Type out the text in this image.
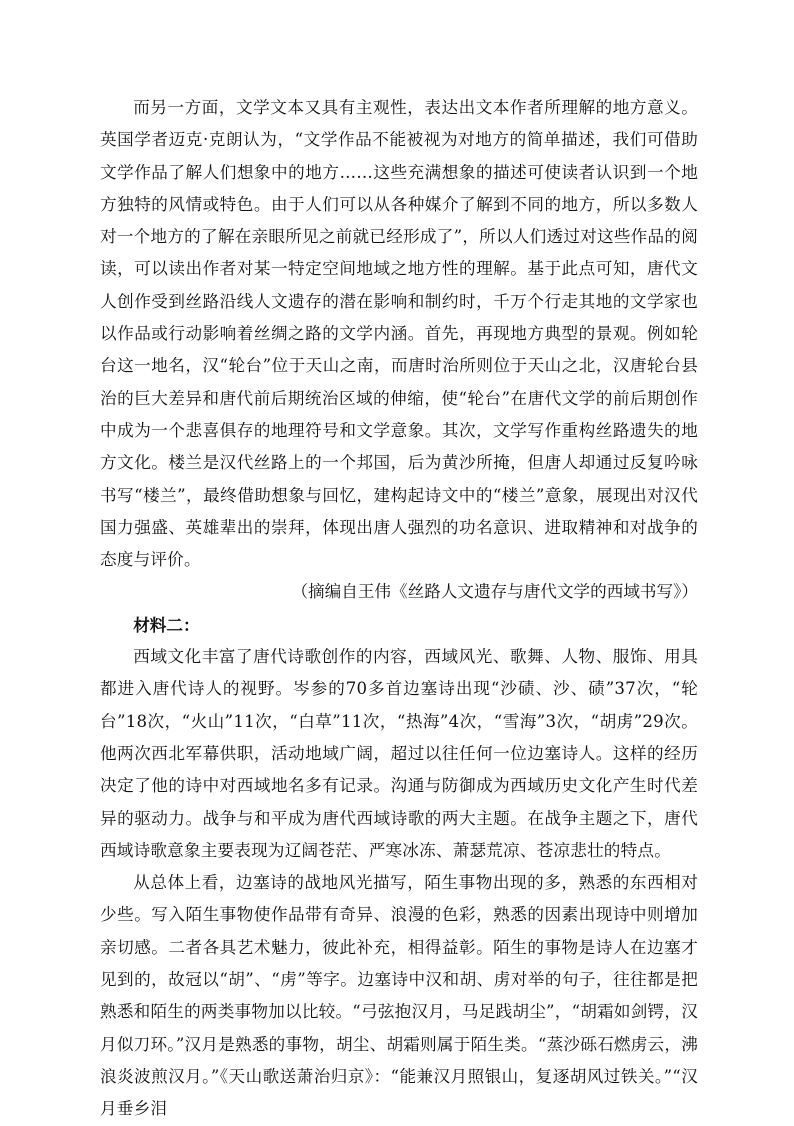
而另一方面，文学文本又具有主观性，表达出文本作者所理解的地方意义。英国学者迈克·克朗认为，“文学作品不能被视为对地方的简单描述，我们可借助文学作品了解人们想象中的地方……这些充满想象的描述可使读者认识到一个地方独特的风情或特色。由于人们可以从各种媒介了解到不同的地方，所以多数人对一个地方的了解在亲眼所见之前就已经形成了”，所以人们透过对这些作品的阅读，可以读出作者对某一特定空间地域之地方性的理解。基于此点可知，唐代文人创作受到丝路沿线人文遗存的潜在影响和制约时，千万个行走其地的文学家也以作品或行动影响着丝绸之路的文学内涵。首先，再现地方典型的景观。例如轮台这一地名，汉“轮台”位于天山之南，而唐时治所则位于天山之北，汉唐轮台县治的巨大差异和唐代前后期统治区域的伸缩，使“轮台”在唐代文学的前后期创作中成为一个悲喜俱存的地理符号和文学意象。其次，文学写作重构丝路遗失的地方文化。楼兰是汉代丝路上的一个邦国，后为黄沙所掩，但唐人却通过反复吟咏书写“楼兰”，最终借助想象与回忆，建构起诗文中的“楼兰”意象，展现出对汉代国力强盛、英雄辈出的崇拜，体现出唐人强烈的功名意识、进取精神和对战争的态度与评价。

（摘编自王伟《丝路人文遗存与唐代文学的西域书写》）

材料二：

西域文化丰富了唐代诗歌创作的内容，西域风光、歌舞、人物、服饰、用具都进入唐代诗人的视野。岑参的70多首边塞诗出现“沙碛、沙、碛”37次，“轮台”18次，“火山”11次，“白草”11次，“热海”4次，“雪海”3次，“胡虏”29次。他两次西北军幕供职，活动地域广阔，超过以往任何一位边塞诗人。这样的经历决定了他的诗中对西域地名多有记录。沟通与防御成为西域历史文化产生时代差异的驱动力。战争与和平成为唐代西域诗歌的两大主题。在战争主题之下，唐代西域诗歌意象主要表现为辽阔苍茫、严寒冰冻、萧瑟荒凉、苍凉悲壮的特点。

从总体上看，边塞诗的战地风光描写，陌生事物出现的多，熟悉的东西相对少些。写入陌生事物使作品带有奇异、浪漫的色彩，熟悉的因素出现诗中则增加亲切感。二者各具艺术魅力，彼此补充，相得益彰。陌生的事物是诗人在边塞才见到的，故冠以“胡”、“虏”等字。边塞诗中汉和胡、虏对举的句子，往往都是把熟悉和陌生的两类事物加以比较。“弓弦抱汉月，马足践胡尘”，“胡霜如剑锷，汉月似刀环。”汉月是熟悉的事物，胡尘、胡霜则属于陌生类。“蒸沙砾石燃虏云，沸浪炎波煎汉月。”《天山歌送萧治归京》：“能兼汉月照银山，复逐胡风过铁关。”“汉月垂乡泪
